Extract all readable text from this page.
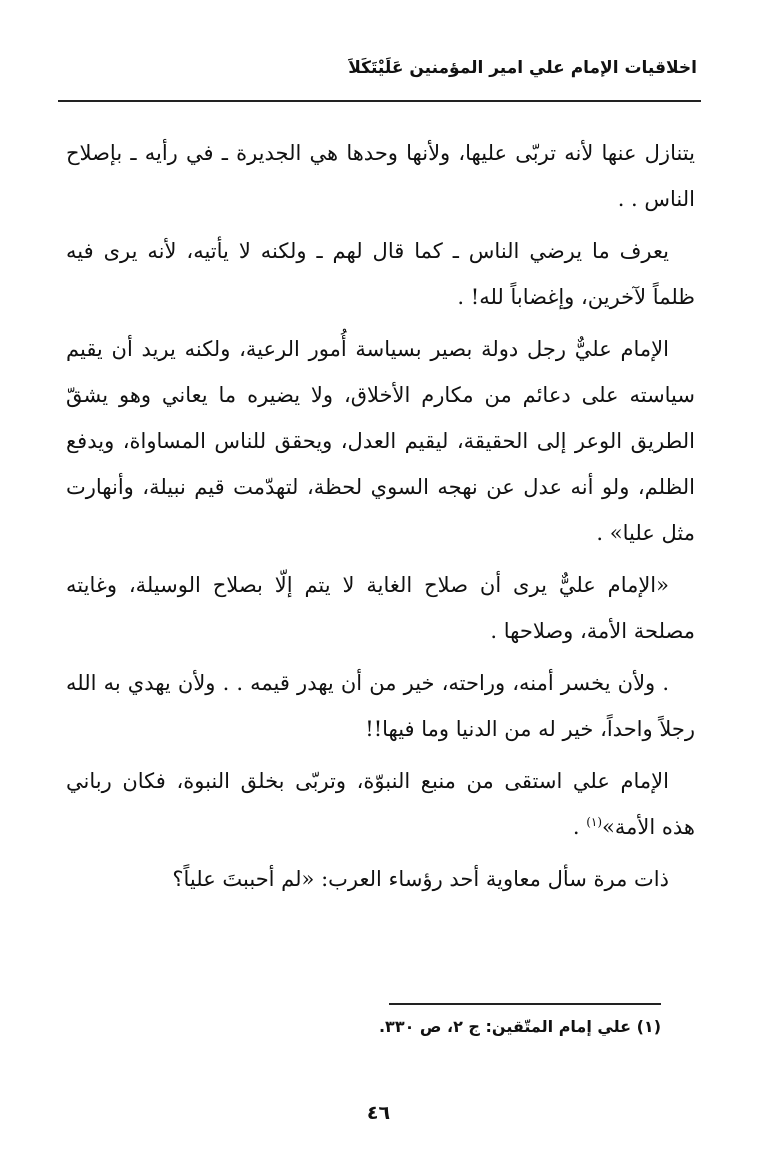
اخلاقيات الإمام علي امير المؤمنين عَلَيْتَكَلاَ

يتنازل عنها لأنه تربّى عليها، ولأنها وحدها هي الجديرة ـ في رأيه ـ بإصلاح الناس . .

يعرف ما يرضي الناس ـ كما قال لهم ـ ولكنه لا يأتيه، لأنه يرى فيه ظلماً لآخرين، وإغضاباً لله! .

الإمام عليٌّ رجل دولة بصير بسياسة أُمور الرعية، ولكنه يريد أن يقيم سياسته على دعائم من مكارم الأخلاق، ولا يضيره ما يعاني وهو يشقّ الطريق الوعر إلى الحقيقة، ليقيم العدل، ويحقق للناس المساواة، ويدفع الظلم، ولو أنه عدل عن نهجه السوي لحظة، لتهدّمت قيم نبيلة، وأنهارت مثل عليا» .

«الإمام عليٌّ يرى أن صلاح الغاية لا يتم إلّا بصلاح الوسيلة، وغايته مصلحة الأمة، وصلاحها .

. ولأن يخسر أمنه، وراحته، خير من أن يهدر قيمه . . ولأن يهدي به الله رجلاً واحداً، خير له من الدنيا وما فيها!!

الإمام علي استقى من منبع النبوّة، وتربّى بخلق النبوة، فكان رباني هذه الأمة»$^{(١)}$ .

ذات مرة سأل معاوية أحد رؤساء العرب: «لم أحببتَ علياً؟

(١) علي إمام المتّقين: ج ٢، ص ٣٣٠.
٤٦
